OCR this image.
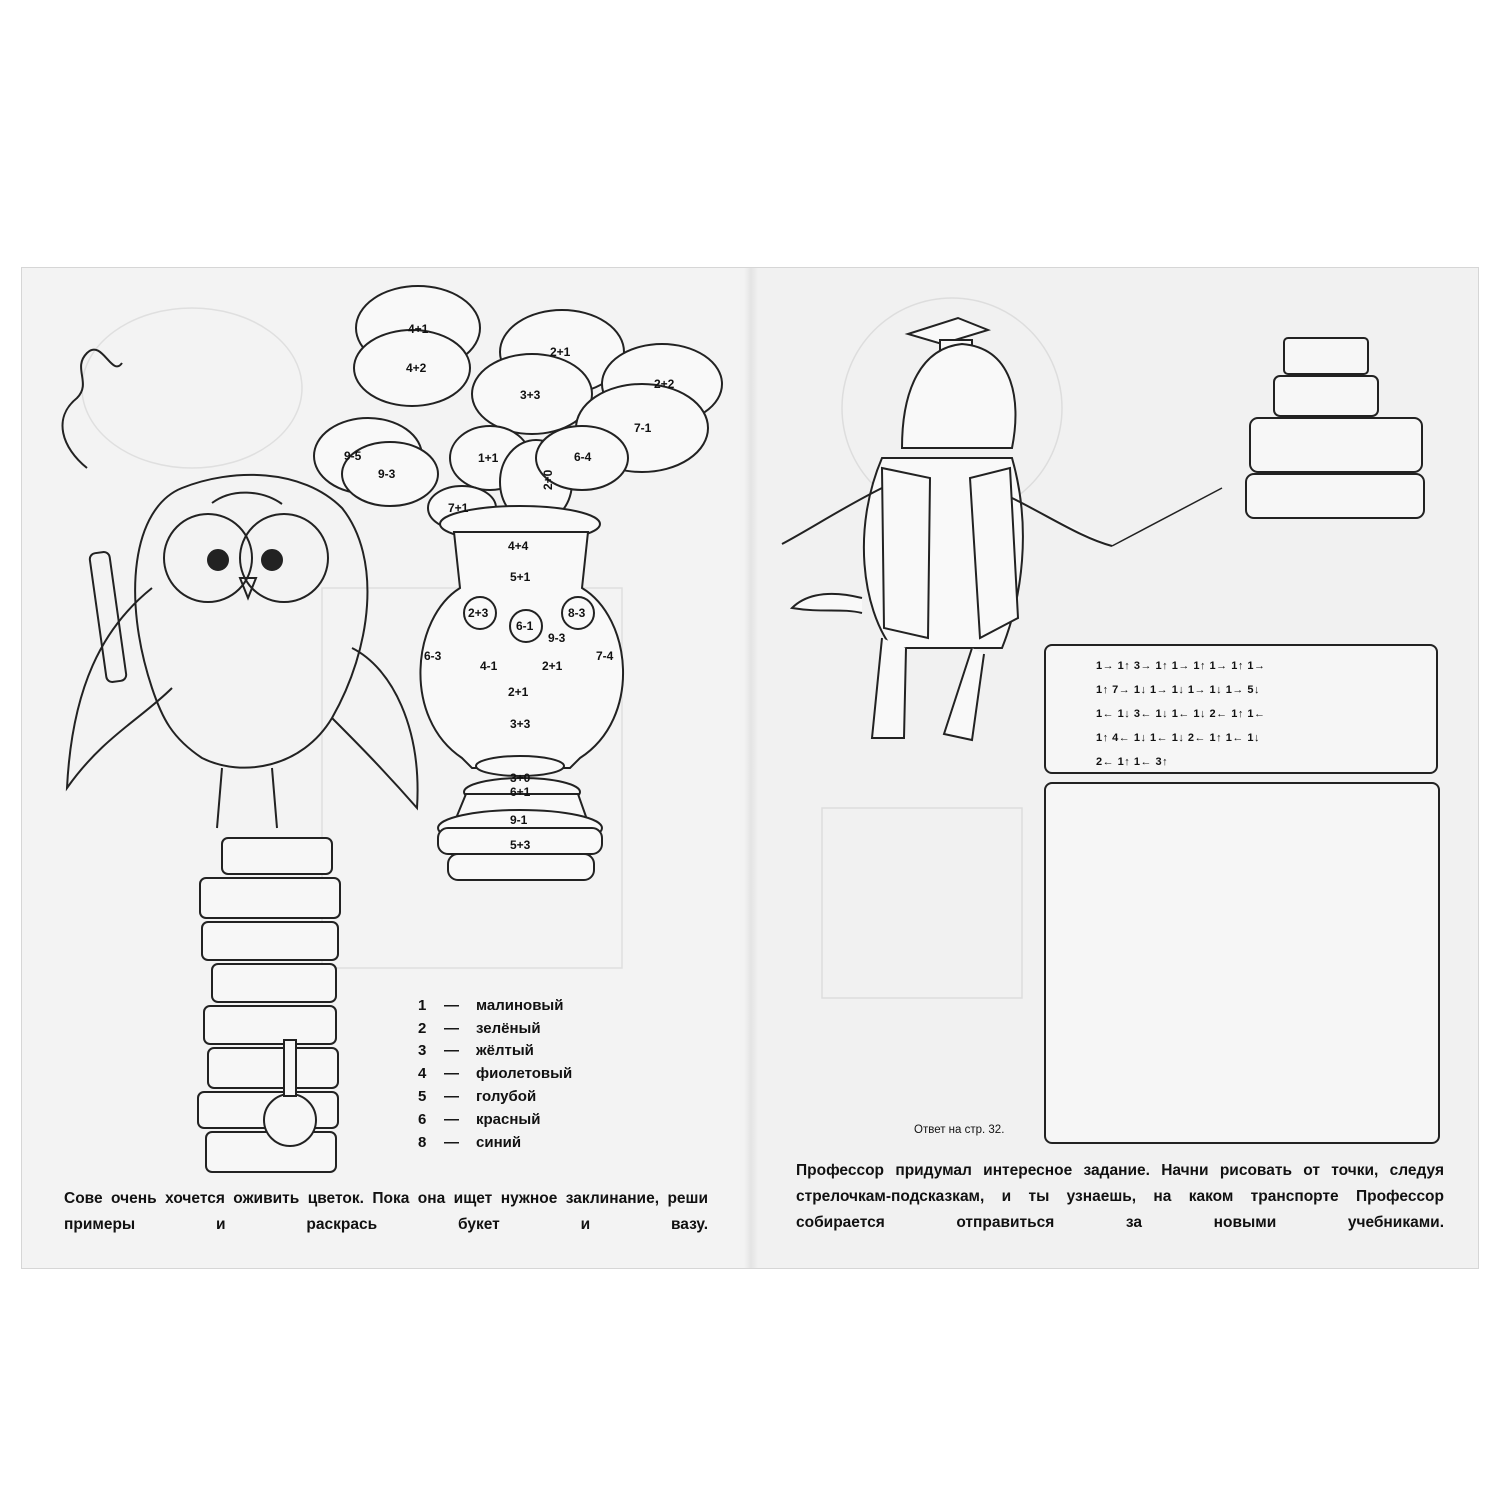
4+1
4+2
2+1
3+3
2+2
7-1
9-5
9-3
1+1
2+0
6-4
7+1
4+4
5+1
2+3
6-1
8-3
9-3
6-3
4-1	2+1
7-4
2+1
3+3
3+0
6+1
9-1
5+3
1	—	малиновый
2	—	зелёный
3	—	жёлтый
4	—	фиолетовый
5	—	голубой
6	—	красный
8	—	синий
Сове очень хочется оживить цветок. Пока она ищет нужное заклинание, реши примеры и раскрась букет и вазу.
1→ 1↑ 3→ 1↑ 1→ 1↑ 1→ 1↑ 1→
1↑ 7→ 1↓ 1→ 1↓ 1→ 1↓ 1→ 5↓
1← 1↓ 3← 1↓ 1← 1↓ 2← 1↑ 1←
1↑ 4← 1↓ 1← 1↓ 2← 1↑ 1← 1↓
2← 1↑ 1← 3↑
Ответ на стр. 32.
Профессор придумал интересное задание. Начни рисовать от точки, следуя стрелочкам-подсказкам, и ты узнаешь, на каком транспорте Профессор собирается отправиться за новыми учебниками.
